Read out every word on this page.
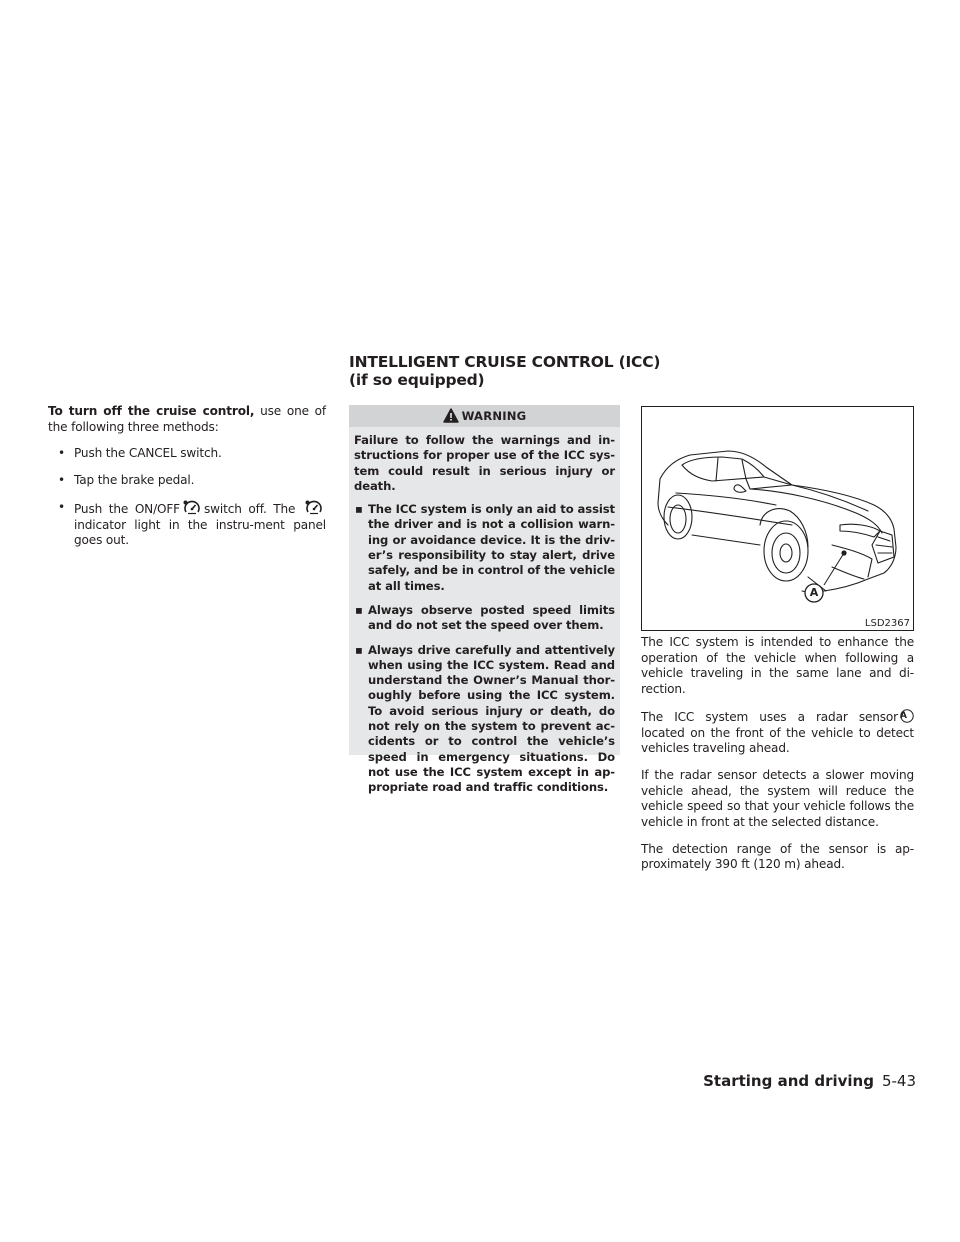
INTELLIGENT CRUISE CONTROL (ICC)
(if so equipped)

To turn off the cruise control, use one of the following three methods:

• Push the CANCEL switch.
• Tap the brake pedal.
• Push the ON/OFF switch off. The indicator light in the instru-ment panel goes out.
WARNING

Failure to follow the warnings and in-structions for proper use of the ICC sys-tem could result in serious injury or death.

▪ The ICC system is only an aid to assist the driver and is not a collision warn-ing or avoidance device. It is the driv-er’s responsibility to stay alert, drive safely, and be in control of the vehicle at all times.
▪ Always observe posted speed limits and do not set the speed over them.
▪ Always drive carefully and attentively when using the ICC system. Read and understand the Owner’s Manual thor-oughly before using the ICC system. To avoid serious injury or death, do not rely on the system to prevent ac-cidents or to control the vehicle’s speed in emergency situations. Do not use the ICC system except in ap-propriate road and traffic conditions.
A
LSD2367

The ICC system is intended to enhance the operation of the vehicle when following a vehicle traveling in the same lane and di-rection.

The ICC system uses a radar sensor A
located on the front of the vehicle to detect vehicles traveling ahead.

If the radar sensor detects a slower moving vehicle ahead, the system will reduce the vehicle speed so that your vehicle follows the vehicle in front at the selected distance.

The detection range of the sensor is ap-proximately 390 ft (120 m) ahead.

Starting and driving 5-43
